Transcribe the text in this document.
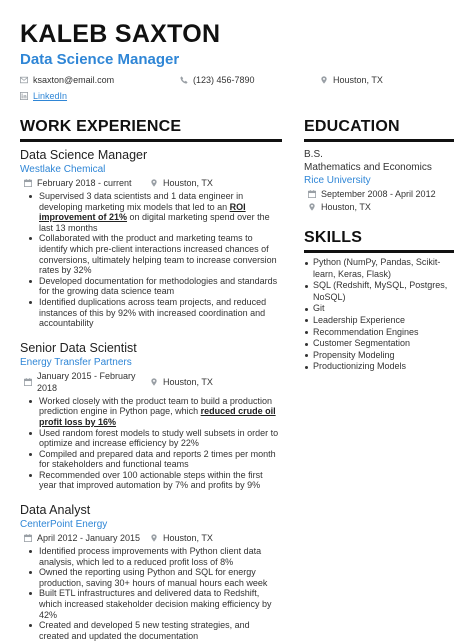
KALEB SAXTON
Data Science Manager
ksaxton@email.com	(123) 456-7890	Houston, TX
LinkedIn
WORK EXPERIENCE
Data Science Manager
Westlake Chemical
February 2018 - current	Houston, TX
Supervised 3 data scientists and 1 data engineer in developing marketing mix models that led to an ROI improvement of 21% on digital marketing spend over the last 13 months
Collaborated with the product and marketing teams to identify which pre-client interactions increased chances of conversions, ultimately helping team to increase conversion rates by 32%
Developed documentation for methodologies and standards for the growing data science team
Identified duplications across team projects, and reduced instances of this by 92% with increased coordination and accountability
Senior Data Scientist
Energy Transfer Partners
January 2015 - February 2018
Houston, TX
Worked closely with the product team to build a production prediction engine in Python page, which reduced crude oil profit loss by 16%
Used random forest models to study well subsets in order to optimize and increase efficiency by 22%
Compiled and prepared data and reports 2 times per month for stakeholders and functional teams
Recommended over 100 actionable steps within the first year that improved automation by 7% and profits by 9%
Data Analyst
CenterPoint Energy
April 2012 - January 2015	Houston, TX
Identified process improvements with Python client data analysis, which led to a reduced profit loss of 8%
Owned the reporting using Python and SQL for energy production, saving 30+ hours of manual hours each week
Built ETL infrastructures and delivered data to Redshift, which increased stakeholder decision making efficiency by 42%
Created and developed 5 new testing strategies, and created and updated the documentation
EDUCATION
B.S.
Mathematics and Economics
Rice University
September 2008 - April 2012
Houston, TX
SKILLS
Python (NumPy, Pandas, Scikit-learn, Keras, Flask)
SQL (Redshift, MySQL, Postgres, NoSQL)
Git
Leadership Experience
Recommendation Engines
Customer Segmentation
Propensity Modeling
Productionizing Models
